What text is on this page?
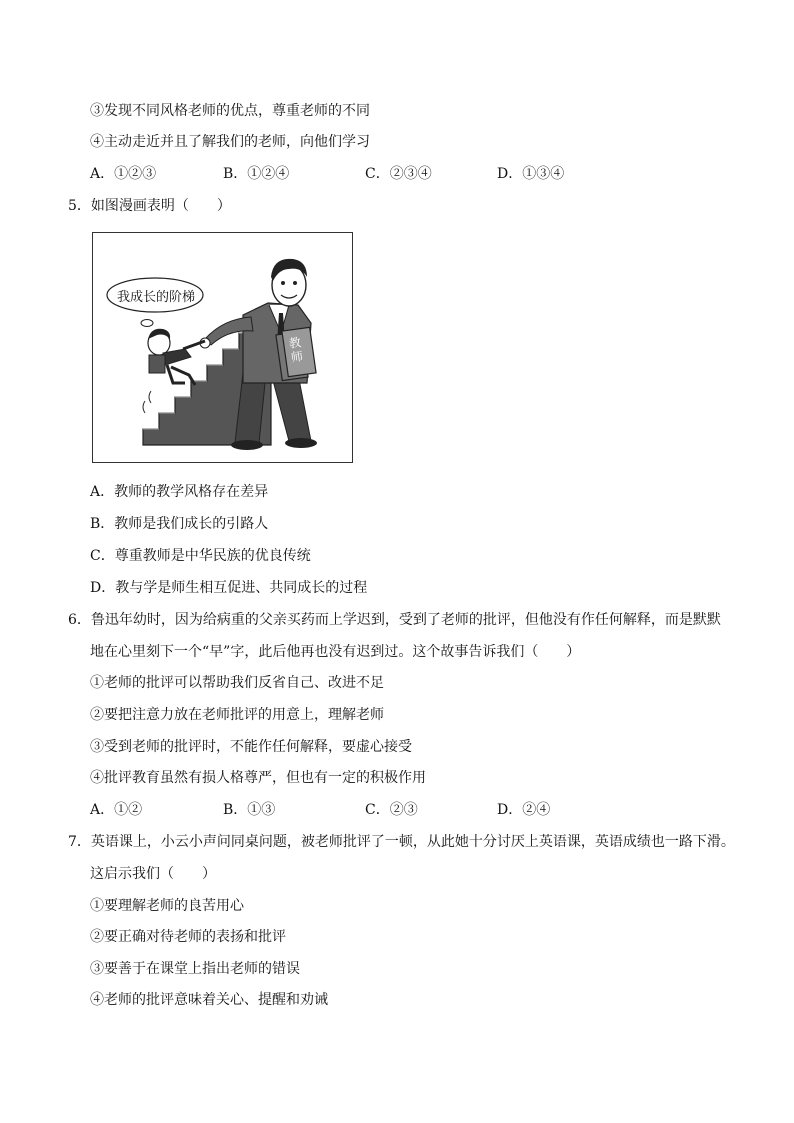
③发现不同风格老师的优点，尊重老师的不同
④主动走近并且了解我们的老师，向他们学习
A．①②③	B．①②④	C．②③④	D．①③④
5．如图漫画表明（　　）
我成长的阶梯
教
师
A．教师的教学风格存在差异
B．教师是我们成长的引路人
C．尊重教师是中华民族的优良传统
D．教与学是师生相互促进、共同成长的过程
6．鲁迅年幼时，因为给病重的父亲买药而上学迟到，受到了老师的批评，但他没有作任何解释，而是默默
地在心里刻下一个“早”字，此后他再也没有迟到过。这个故事告诉我们（　　）
①老师的批评可以帮助我们反省自己、改进不足
②要把注意力放在老师批评的用意上，理解老师
③受到老师的批评时，不能作任何解释，要虚心接受
④批评教育虽然有损人格尊严，但也有一定的积极作用
A．①②	B．①③	C．②③	D．②④
7．英语课上，小云小声问同桌问题，被老师批评了一顿，从此她十分讨厌上英语课，英语成绩也一路下滑。
这启示我们（　　）
①要理解老师的良苦用心
②要正确对待老师的表扬和批评
③要善于在课堂上指出老师的错误
④老师的批评意味着关心、提醒和劝诫
